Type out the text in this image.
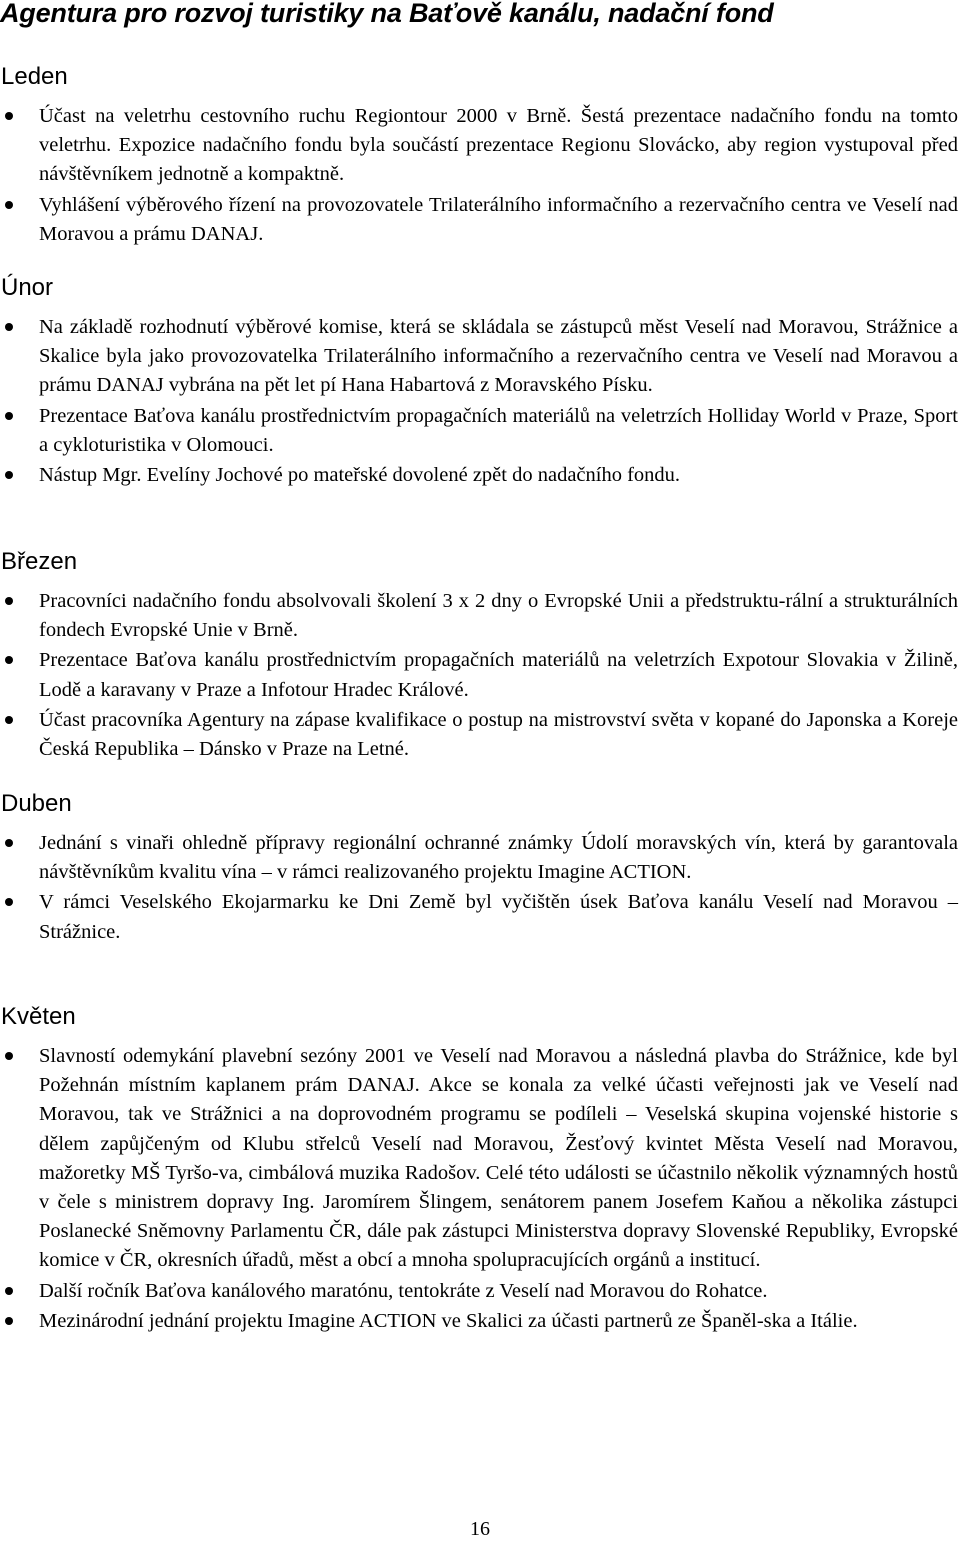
Agentura pro rozvoj turistiky na Baťově kanálu, nadační fond
Leden
Účast na veletrhu cestovního ruchu Regiontour 2000 v Brně. Šestá prezentace nadačního fondu na tomto veletrhu. Expozice nadačního fondu byla součástí prezentace Regionu Slovácko, aby region vystupoval před návštěvníkem jednotně a kompaktně.
Vyhlášení výběrového řízení na provozovatele Trilaterálního informačního a rezervačního centra ve Veselí nad Moravou a prámu DANAJ.
Únor
Na základě rozhodnutí výběrové komise, která se skládala se zástupců měst Veselí nad Moravou, Strážnice a Skalice byla jako provozovatelka Trilaterálního informačního a rezervačního centra ve Veselí nad Moravou a prámu DANAJ vybrána na pět let pí Hana Habartová z Moravského Písku.
Prezentace Baťova kanálu prostřednictvím propagačních materiálů na veletrzích Holliday World v Praze, Sport a cykloturistika v Olomouci.
Nástup Mgr. Evelíny Jochové po mateřské dovolené zpět do nadačního fondu.
Březen
Pracovníci nadačního fondu absolvovali školení 3 x 2 dny o Evropské Unii a předstruktu-rální a strukturálních fondech Evropské Unie v Brně.
Prezentace Baťova kanálu prostřednictvím propagačních materiálů na veletrzích Expotour Slovakia v Žilině, Lodě a karavany v Praze a Infotour Hradec Králové.
Účast pracovníka Agentury na zápase kvalifikace o postup na mistrovství světa v kopané do Japonska a Koreje Česká Republika – Dánsko v Praze na Letné.
Duben
Jednání s vinaři ohledně přípravy regionální ochranné známky Údolí moravských vín, která by garantovala návštěvníkům kvalitu vína – v rámci realizovaného projektu Imagine ACTION.
V rámci Veselského Ekojarmarku ke Dni Země byl vyčištěn úsek Baťova kanálu Veselí nad Moravou – Strážnice.
Květen
Slavností odemykání plavební sezóny 2001 ve Veselí nad Moravou a následná plavba do Strážnice, kde byl Požehnán místním kaplanem prám DANAJ. Akce se konala za velké účasti veřejnosti jak ve Veselí nad Moravou, tak ve Strážnici a na doprovodném programu se podíleli – Veselská skupina vojenské historie s dělem zapůjčeným od Klubu střelců Veselí nad Moravou, Žesťový kvintet Města Veselí nad Moravou, mažoretky MŠ Tyršo-va, cimbálová muzika Radošov. Celé této události se účastnilo několik významných hostů v čele s ministrem dopravy Ing. Jaromírem Šlingem, senátorem panem Josefem Kaňou a několika zástupci Poslanecké Sněmovny Parlamentu ČR, dále pak zástupci Ministerstva dopravy Slovenské Republiky, Evropské komice v ČR, okresních úřadů, měst a obcí a mnoha spolupracujících orgánů a institucí.
Další ročník Baťova kanálového maratónu, tentokráte z Veselí nad Moravou do Rohatce.
Mezinárodní jednání projektu Imagine ACTION ve Skalici za účasti partnerů ze Španěl-ska a Itálie.
16
